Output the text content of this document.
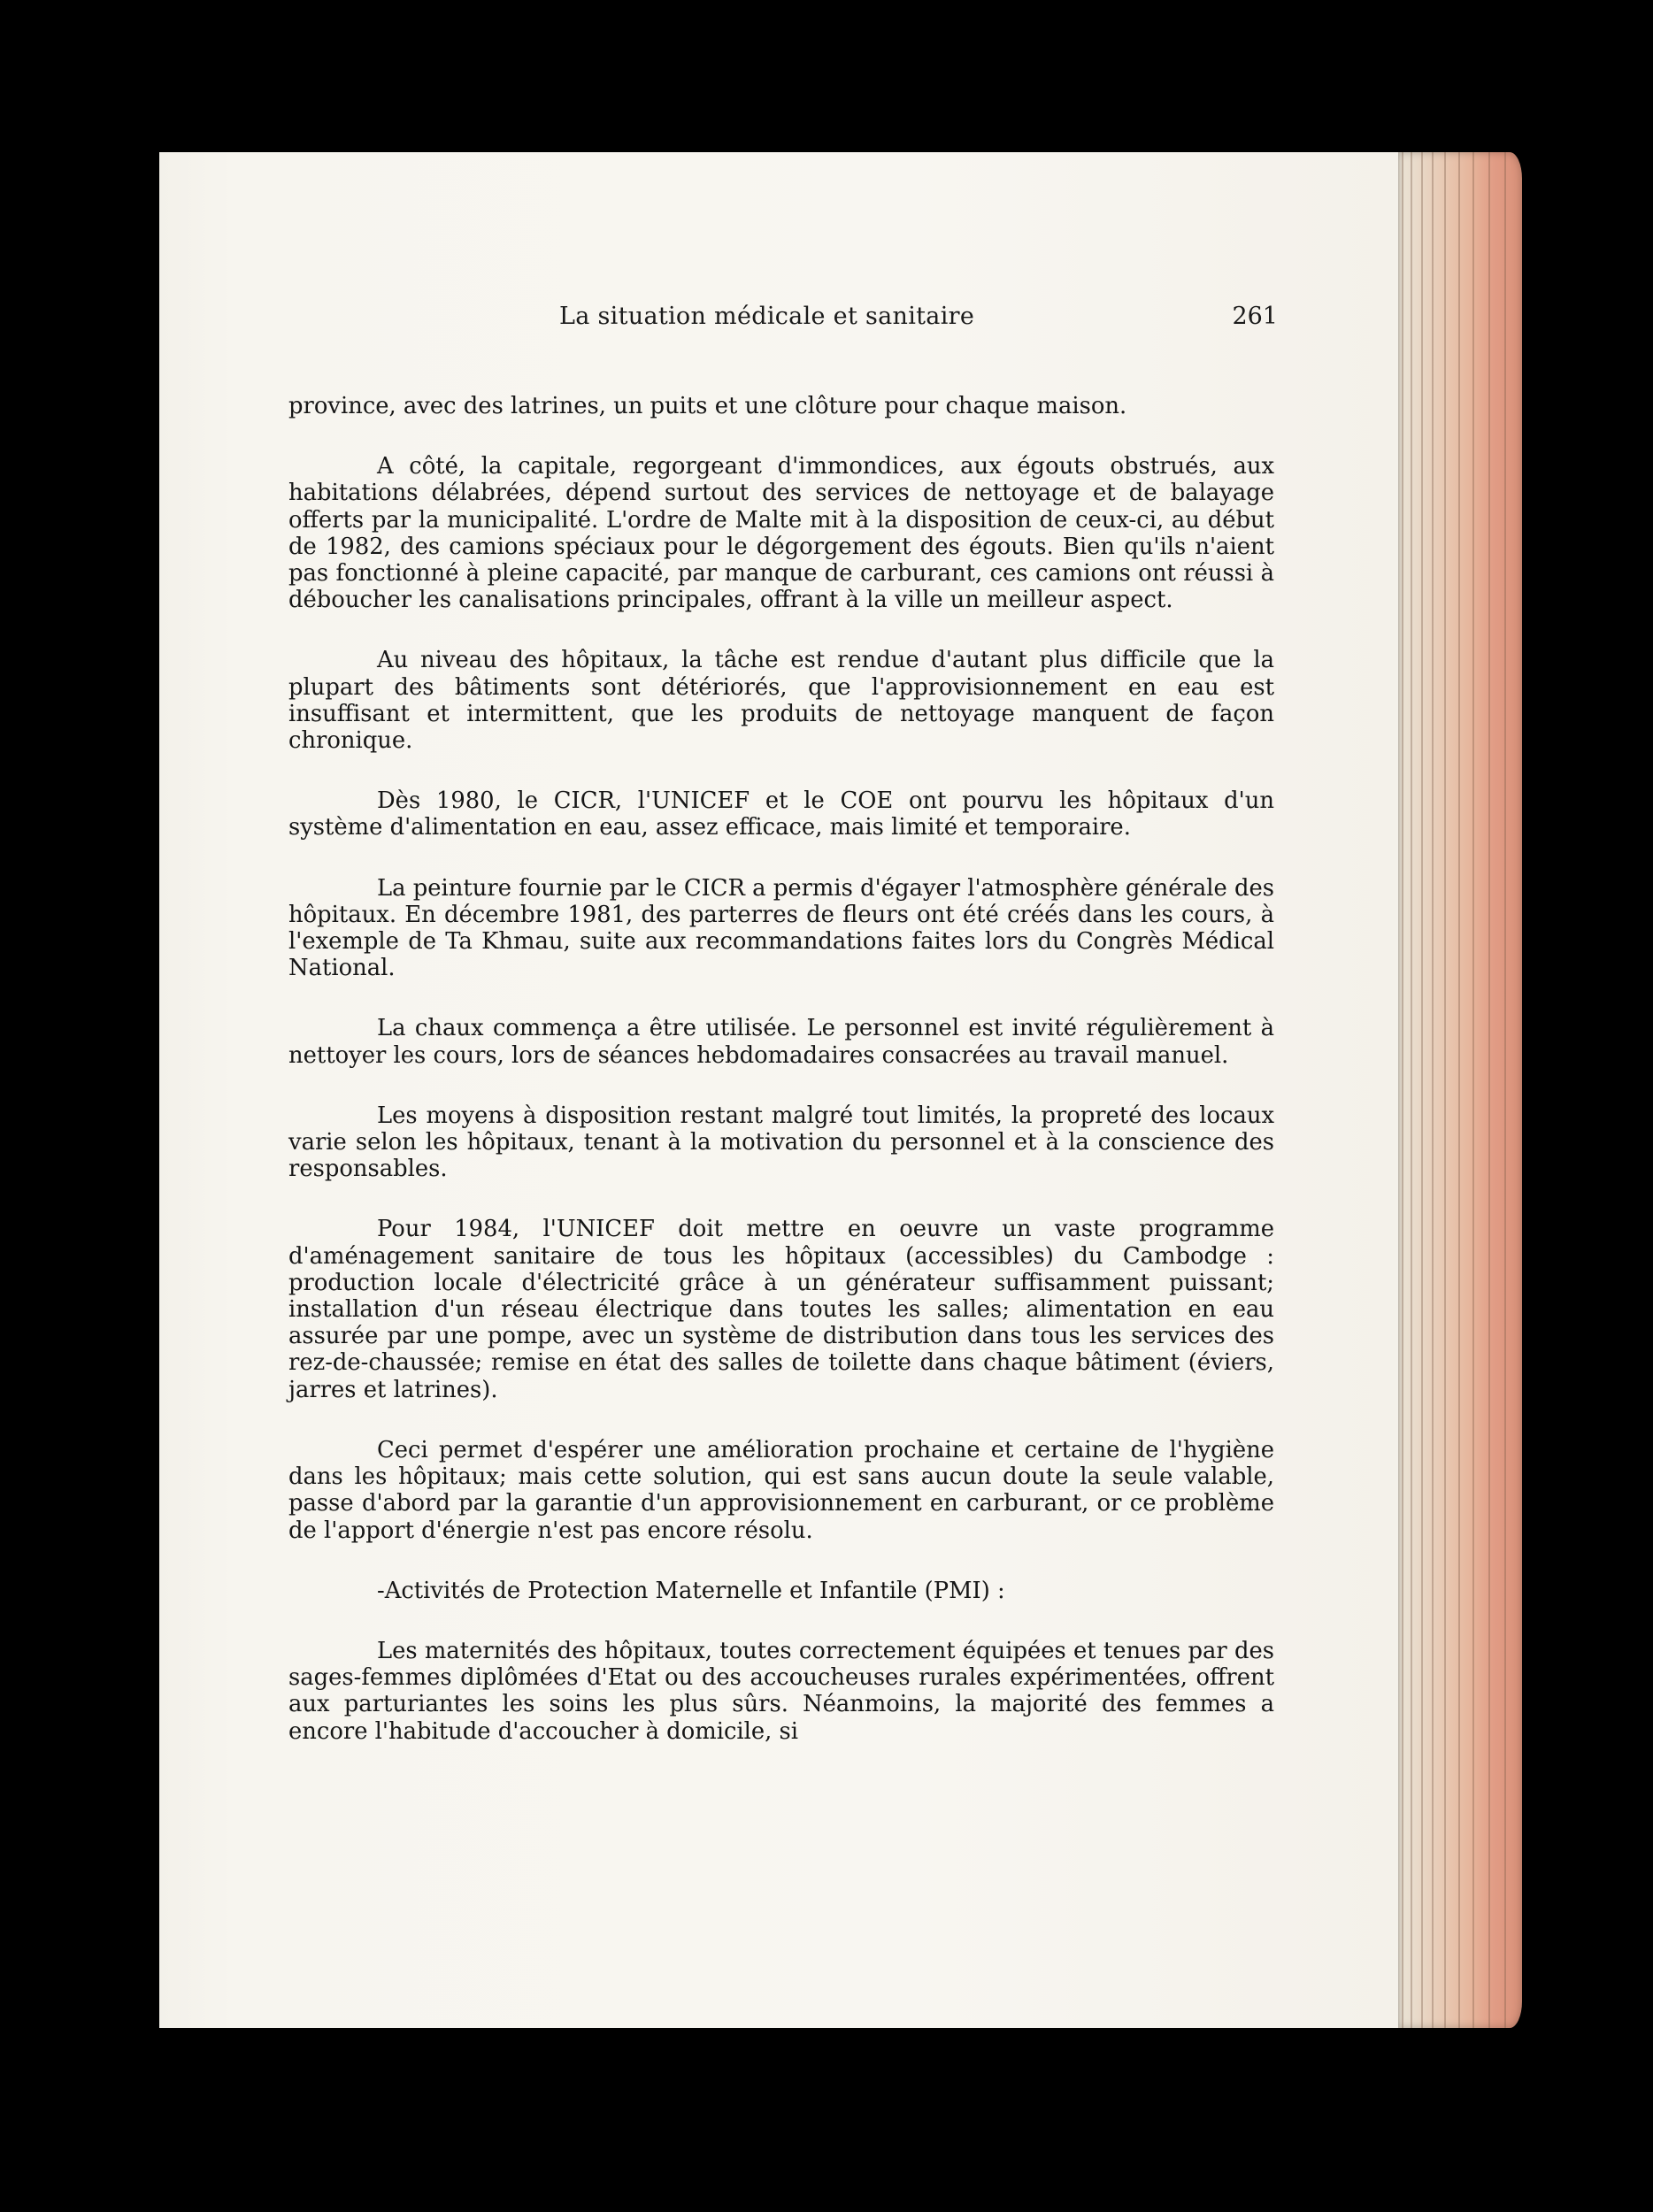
La situation médicale et sanitaire	261

province, avec des latrines, un puits et une clôture pour chaque maison.

A côté, la capitale, regorgeant d'immondices, aux égouts obstrués, aux habitations délabrées, dépend surtout des services de nettoyage et de balayage offerts par la municipalité. L'ordre de Malte mit à la disposition de ceux-ci, au début de 1982, des camions spéciaux pour le dégorgement des égouts. Bien qu'ils n'aient pas fonctionné à pleine capacité, par manque de carburant, ces camions ont réussi à déboucher les canalisations principales, offrant à la ville un meilleur aspect.

Au niveau des hôpitaux, la tâche est rendue d'autant plus difficile que la plupart des bâtiments sont détériorés, que l'approvisionnement en eau est insuffisant et intermittent, que les produits de nettoyage manquent de façon chronique.

Dès 1980, le CICR, l'UNICEF et le COE ont pourvu les hôpitaux d'un système d'alimentation en eau, assez efficace, mais limité et temporaire.

La peinture fournie par le CICR a permis d'égayer l'atmosphère générale des hôpitaux. En décembre 1981, des parterres de fleurs ont été créés dans les cours, à l'exemple de Ta Khmau, suite aux recommandations faites lors du Congrès Médical National.

La chaux commença a être utilisée. Le personnel est invité régulièrement à nettoyer les cours, lors de séances hebdomadaires consacrées au travail manuel.

Les moyens à disposition restant malgré tout limités, la propreté des locaux varie selon les hôpitaux, tenant à la motivation du personnel et à la conscience des responsables.

Pour 1984, l'UNICEF doit mettre en oeuvre un vaste programme d'aménagement sanitaire de tous les hôpitaux (accessibles) du Cambodge : production locale d'électricité grâce à un générateur suffisamment puissant; installation d'un réseau électrique dans toutes les salles; alimentation en eau assurée par une pompe, avec un système de distribution dans tous les services des rez-de-chaussée; remise en état des salles de toilette dans chaque bâtiment (éviers, jarres et latrines).

Ceci permet d'espérer une amélioration prochaine et certaine de l'hygiène dans les hôpitaux; mais cette solution, qui est sans aucun doute la seule valable, passe d'abord par la garantie d'un approvisionnement en carburant, or ce problème de l'apport d'énergie n'est pas encore résolu.

-Activités de Protection Maternelle et Infantile (PMI) :

Les maternités des hôpitaux, toutes correctement équipées et tenues par des sages-femmes diplômées d'Etat ou des accoucheuses rurales expérimentées, offrent aux parturiantes les soins les plus sûrs. Néanmoins, la majorité des femmes a encore l'habitude d'accoucher à domicile, si
